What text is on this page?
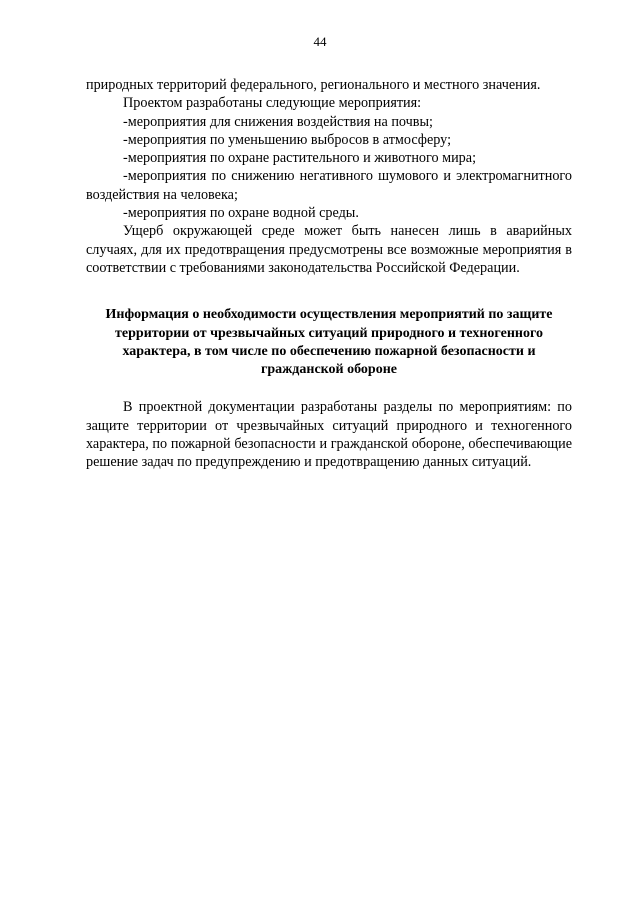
44

природных территорий федерального, регионального и местного значения.

Проектом разработаны следующие мероприятия:

-мероприятия для снижения воздействия на почвы;

-мероприятия по уменьшению выбросов в атмосферу;

-мероприятия по охране растительного и животного мира;

-мероприятия по снижению негативного шумового и электромагнитного воздействия на человека;

-мероприятия по охране водной среды.

Ущерб окружающей среде может быть нанесен лишь в аварийных случаях, для их предотвращения предусмотрены все возможные мероприятия в соответствии с требованиями законодательства Российской Федерации.

Информация о необходимости осуществления мероприятий по защите территории от чрезвычайных ситуаций природного и техногенного характера, в том числе по обеспечению пожарной безопасности и гражданской обороне

В проектной документации разработаны разделы по мероприятиям: по защите территории от чрезвычайных ситуаций природного и техногенного характера, по пожарной безопасности и гражданской обороне, обеспечивающие решение задач по предупреждению и предотвращению данных ситуаций.
